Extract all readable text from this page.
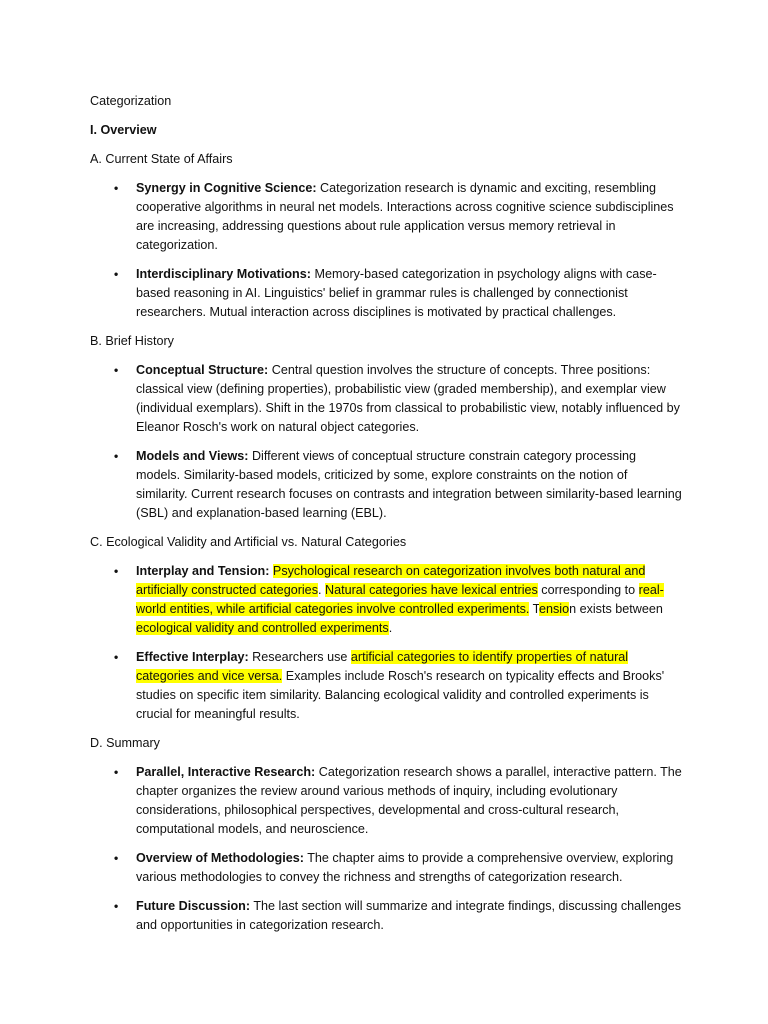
Categorization

I. Overview

A. Current State of Affairs

• Synergy in Cognitive Science: Categorization research is dynamic and exciting, resembling cooperative algorithms in neural net models. Interactions across cognitive science subdisciplines are increasing, addressing questions about rule application versus memory retrieval in categorization.
• Interdisciplinary Motivations: Memory-based categorization in psychology aligns with case-based reasoning in AI. Linguistics' belief in grammar rules is challenged by connectionist researchers. Mutual interaction across disciplines is motivated by practical challenges.

B. Brief History

• Conceptual Structure: Central question involves the structure of concepts. Three positions: classical view (defining properties), probabilistic view (graded membership), and exemplar view (individual exemplars). Shift in the 1970s from classical to probabilistic view, notably influenced by Eleanor Rosch's work on natural object categories.
• Models and Views: Different views of conceptual structure constrain category processing models. Similarity-based models, criticized by some, explore constraints on the notion of similarity. Current research focuses on contrasts and integration between similarity-based learning (SBL) and explanation-based learning (EBL).

C. Ecological Validity and Artificial vs. Natural Categories

• Interplay and Tension: Psychological research on categorization involves both natural and artificially constructed categories. Natural categories have lexical entries corresponding to real-world entities, while artificial categories involve controlled experiments. Tension exists between ecological validity and controlled experiments.
• Effective Interplay: Researchers use artificial categories to identify properties of natural categories and vice versa. Examples include Rosch's research on typicality effects and Brooks' studies on specific item similarity. Balancing ecological validity and controlled experiments is crucial for meaningful results.

D. Summary

• Parallel, Interactive Research: Categorization research shows a parallel, interactive pattern. The chapter organizes the review around various methods of inquiry, including evolutionary considerations, philosophical perspectives, developmental and cross-cultural research, computational models, and neuroscience.
• Overview of Methodologies: The chapter aims to provide a comprehensive overview, exploring various methodologies to convey the richness and strengths of categorization research.
• Future Discussion: The last section will summarize and integrate findings, discussing challenges and opportunities in categorization research.
